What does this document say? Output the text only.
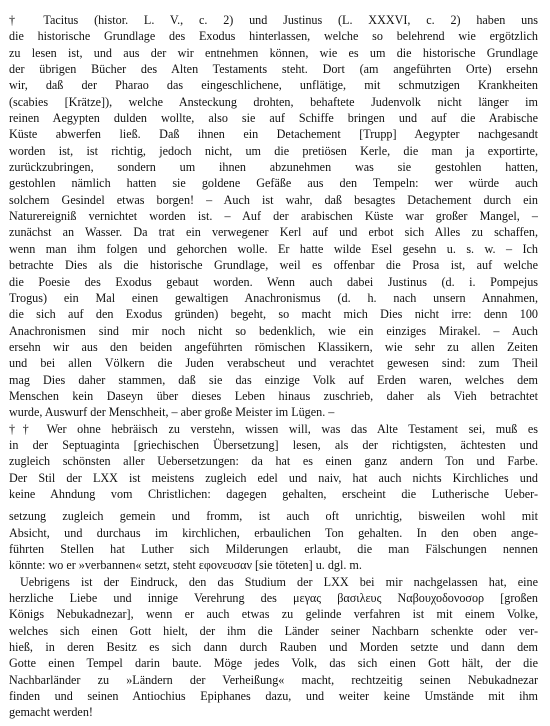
† Tacitus (histor. L. V., c. 2) und Justinus (L. XXXVI, c. 2) haben uns
die historische Grundlage des Exodus hinterlassen, welche so belehrend wie ergötzlich
zu lesen ist, und aus der wir entnehmen können, wie es um die historische Grundlage
der übrigen Bücher des Alten Testaments steht. Dort (am angeführten Orte) ersehn
wir, daß der Pharao das eingeschlichene, unflätige, mit schmutzigen Krankheiten
(scabies [Krätze]), welche Ansteckung drohten, behaftete Judenvolk nicht länger im
reinen Aegypten dulden wollte, also sie auf Schiffe bringen und auf die Arabische
Küste abwerfen ließ. Daß ihnen ein Detachement [Trupp] Aegypter nachgesandt
worden ist, ist richtig, jedoch nicht, um die pretiösen Kerle, die man ja exportirte,
zurückzubringen, sondern um ihnen abzunehmen was sie gestohlen hatten,
gestohlen nämlich hatten sie goldene Gefäße aus den Tempeln: wer würde auch
solchem Gesindel etwas borgen! – Auch ist wahr, daß besagtes Detachement durch ein
Naturereigniß vernichtet worden ist. – Auf der arabischen Küste war großer Mangel, –
zunächst an Wasser. Da trat ein verwegener Kerl auf und erbot sich Alles zu schaffen,
wenn man ihm folgen und gehorchen wolle. Er hatte wilde Esel gesehn u. s. w. – Ich
betrachte Dies als die historische Grundlage, weil es offenbar die Prosa ist, auf welche
die Poesie des Exodus gebaut worden. Wenn auch dabei Justinus (d. i. Pompejus
Trogus) ein Mal einen gewaltigen Anachronismus (d. h. nach unsern Annahmen,
die sich auf den Exodus gründen) begeht, so macht mich Dies nicht irre: denn 100
Anachronismen sind mir noch nicht so bedenklich, wie ein einziges Mirakel. – Auch
ersehn wir aus den beiden angeführten römischen Klassikern, wie sehr zu allen Zeiten
und bei allen Völkern die Juden verabscheut und verachtet gewesen sind: zum Theil
mag Dies daher stammen, daß sie das einzige Volk auf Erden waren, welches dem
Menschen kein Daseyn über dieses Leben hinaus zuschrieb, daher als Vieh betrachtet
wurde, Auswurf der Menschheit, – aber große Meister im Lügen. –
†† Wer ohne hebräisch zu verstehn, wissen will, was das Alte Testament sei, muß es
in der Septuaginta [griechischen Übersetzung] lesen, als der richtigsten, ächtesten und
zugleich schönsten aller Uebersetzungen: da hat es einen ganz andern Ton und Farbe.
Der Stil der LXX ist meistens zugleich edel und naiv, hat auch nichts Kirchliches und
keine Ahndung vom Christlichen: dagegen gehalten, erscheint die Lutherische Ueber-
setzung zugleich gemein und fromm, ist auch oft unrichtig, bisweilen wohl mit
Absicht, und durchaus im kirchlichen, erbaulichen Ton gehalten. In den oben ange-
führten Stellen hat Luther sich Milderungen erlaubt, die man Fälschungen nennen
könnte: wo er »verbannen« setzt, steht εφονευσαν [sie töteten] u. dgl. m.
Uebrigens ist der Eindruck, den das Studium der LXX bei mir nachgelassen hat, eine
herzliche Liebe und innige Verehrung des μεγας βασιλευς Ναβουχοδονοσορ [großen
Königs Nebukadnezar], wenn er auch etwas zu gelinde verfahren ist mit einem Volke,
welches sich einen Gott hielt, der ihm die Länder seiner Nachbarn schenkte oder ver-
hieß, in deren Besitz es sich dann durch Rauben und Morden setzte und dann dem
Gotte einen Tempel darin baute. Möge jedes Volk, das sich einen Gott hält, der die
Nachbarländer zu »Ländern der Verheißung« macht, rechtzeitig seinen Nebukadnezar
finden und seinen Antiochius Epiphanes dazu, und weiter keine Umstände mit ihm
gemacht werden!
